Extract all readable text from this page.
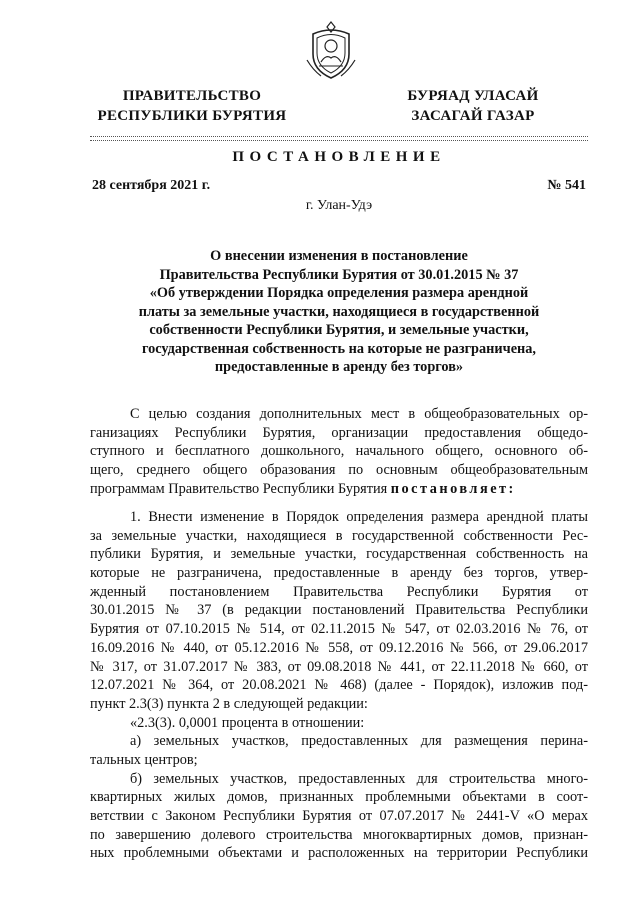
ПРАВИТЕЛЬСТВО
РЕСПУБЛИКИ БУРЯТИЯ
БУРЯАД УЛАСАЙ
ЗАСАГАЙ ГАЗАР
ПОСТАНОВЛЕНИЕ
28 сентября 2021 г.	№ 541
г. Улан-Удэ
О внесении изменения в постановление
Правительства Республики Бурятия от 30.01.2015 № 37
«Об утверждении Порядка определения размера арендной
платы за земельные участки, находящиеся в государственной
собственности Республики Бурятия, и земельные участки,
государственная собственность на которые не разграничена,
предоставленные в аренду без торгов»
С целью создания дополнительных мест в общеобразовательных ор-
ганизациях Республики Бурятия, организации предоставления общедо-
ступного и бесплатного дошкольного, начального общего, основного об-
щего, среднего общего образования по основным общеобразовательным
программам Правительство Республики Бурятия постановляет:
1. Внести изменение в Порядок определения размера арендной платы
за земельные участки, находящиеся в государственной собственности Рес-
публики Бурятия, и земельные участки, государственная собственность на
которые не разграничена, предоставленные в аренду без торгов, утвер-
жденный постановлением Правительства Республики Бурятия от
30.01.2015 № 37 (в редакции постановлений Правительства Республики
Бурятия от 07.10.2015 № 514, от 02.11.2015 № 547, от 02.03.2016 № 76, от
16.09.2016 № 440, от 05.12.2016 № 558, от 09.12.2016 № 566, от 29.06.2017
№ 317, от 31.07.2017 № 383, от 09.08.2018 № 441, от 22.11.2018 № 660, от
12.07.2021 № 364, от 20.08.2021 № 468) (далее - Порядок), изложив под-
пункт 2.3(3) пункта 2 в следующей редакции:
«2.3(3). 0,0001 процента в отношении:
а) земельных участков, предоставленных для размещения перина-
тальных центров;
б) земельных участков, предоставленных для строительства много-
квартирных жилых домов, признанных проблемными объектами в соот-
ветствии с Законом Республики Бурятия от 07.07.2017 № 2441-V «О мерах
по завершению долевого строительства многоквартирных домов, признан-
ных проблемными объектами и расположенных на территории Республики
